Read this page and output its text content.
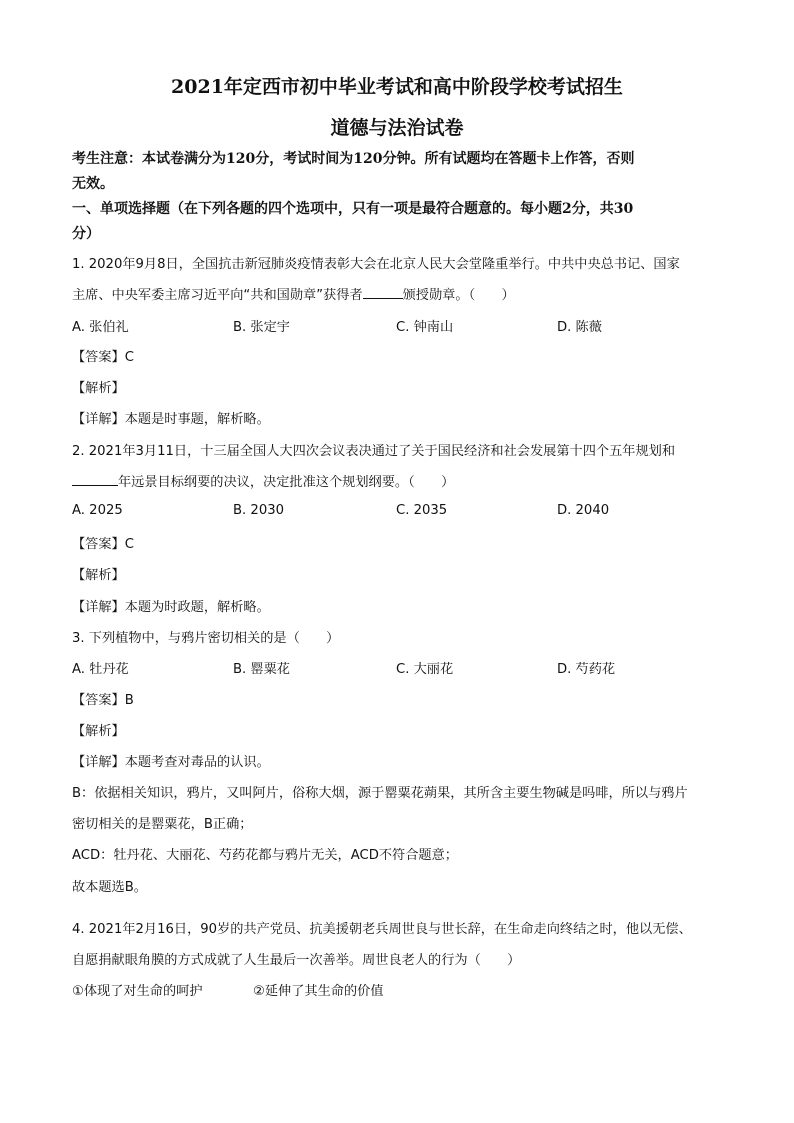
2021年定西市初中毕业考试和高中阶段学校考试招生
道德与法治试卷
考生注意：本试卷满分为120分，考试时间为120分钟。所有试题均在答题卡上作答，否则
无效。
一、单项选择题（在下列各题的四个选项中，只有一项是最符合题意的。每小题2分，共30
分）
1. 2020年9月8日，全国抗击新冠肺炎疫情表彰大会在北京人民大会堂隆重举行。中共中央总书记、国家
主席、中央军委主席习近平向“共和国勋章”获得者	颁授勋章。（　　）
A. 张伯礼	B. 张定宇	C. 钟南山	D. 陈薇
【答案】C
【解析】
【详解】本题是时事题，解析略。
2. 2021年3月11日，十三届全国人大四次会议表决通过了关于国民经济和社会发展第十四个五年规划和
年远景目标纲要的决议，决定批准这个规划纲要。（　　）
A. 2025	B. 2030	C. 2035	D. 2040
【答案】C
【解析】
【详解】本题为时政题，解析略。
3. 下列植物中，与鸦片密切相关的是（　　）
A. 牡丹花	B. 罂粟花	C. 大丽花	D. 芍药花
【答案】B
【解析】
【详解】本题考查对毒品的认识。
B：依据相关知识，鸦片，又叫阿片，俗称大烟，源于罂粟花蒴果，其所含主要生物碱是吗啡，所以与鸦片
密切相关的是罂粟花，B正确；
ACD：牡丹花、大丽花、芍药花都与鸦片无关，ACD不符合题意；
故本题选B。
4. 2021年2月16日，90岁的共产党员、抗美援朝老兵周世良与世长辞，在生命走向终结之时，他以无偿、
自愿捐献眼角膜的方式成就了人生最后一次善举。周世良老人的行为（　　）
①体现了对生命的呵护	②延伸了其生命的价值
